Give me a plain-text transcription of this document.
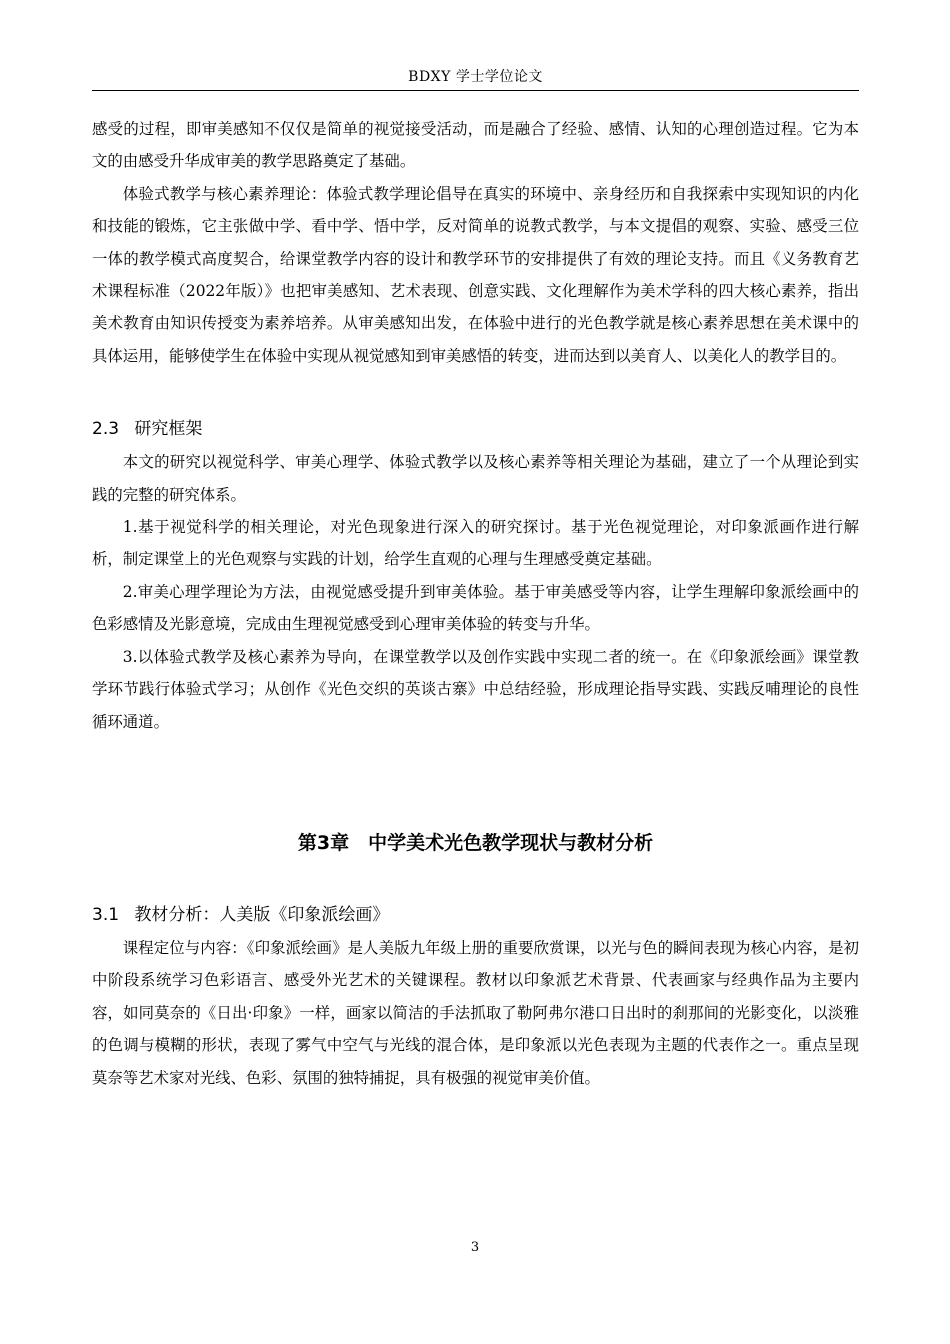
BDXY 学士学位论文

感受的过程，即审美感知不仅仅是简单的视觉接受活动，而是融合了经验、感情、认知的心理创造过程。它为本文的由感受升华成审美的教学思路奠定了基础。

体验式教学与核心素养理论：体验式教学理论倡导在真实的环境中、亲身经历和自我探索中实现知识的内化和技能的锻炼，它主张做中学、看中学、悟中学，反对简单的说教式教学，与本文提倡的观察、实验、感受三位一体的教学模式高度契合，给课堂教学内容的设计和教学环节的安排提供了有效的理论支持。而且《义务教育艺术课程标准（2022年版）》也把审美感知、艺术表现、创意实践、文化理解作为美术学科的四大核心素养，指出美术教育由知识传授变为素养培养。从审美感知出发，在体验中进行的光色教学就是核心素养思想在美术课中的具体运用，能够使学生在体验中实现从视觉感知到审美感悟的转变，进而达到以美育人、以美化人的教学目的。

2.3 研究框架

本文的研究以视觉科学、审美心理学、体验式教学以及核心素养等相关理论为基础，建立了一个从理论到实践的完整的研究体系。

1.基于视觉科学的相关理论，对光色现象进行深入的研究探讨。基于光色视觉理论，对印象派画作进行解析，制定课堂上的光色观察与实践的计划，给学生直观的心理与生理感受奠定基础。

2.审美心理学理论为方法，由视觉感受提升到审美体验。基于审美感受等内容，让学生理解印象派绘画中的色彩感情及光影意境，完成由生理视觉感受到心理审美体验的转变与升华。

3.以体验式教学及核心素养为导向，在课堂教学以及创作实践中实现二者的统一。在《印象派绘画》课堂教学环节践行体验式学习；从创作《光色交织的英谈古寨》中总结经验，形成理论指导实践、实践反哺理论的良性循环通道。

第3章　中学美术光色教学现状与教材分析
3.1 教材分析：人美版《印象派绘画》

课程定位与内容：《印象派绘画》是人美版九年级上册的重要欣赏课，以光与色的瞬间表现为核心内容，是初中阶段系统学习色彩语言、感受外光艺术的关键课程。教材以印象派艺术背景、代表画家与经典作品为主要内容，如同莫奈的《日出·印象》一样，画家以简洁的手法抓取了勒阿弗尔港口日出时的刹那间的光影变化，以淡雅的色调与模糊的形状，表现了雾气中空气与光线的混合体，是印象派以光色表现为主题的代表作之一。重点呈现莫奈等艺术家对光线、色彩、氛围的独特捕捉，具有极强的视觉审美价值。

3
